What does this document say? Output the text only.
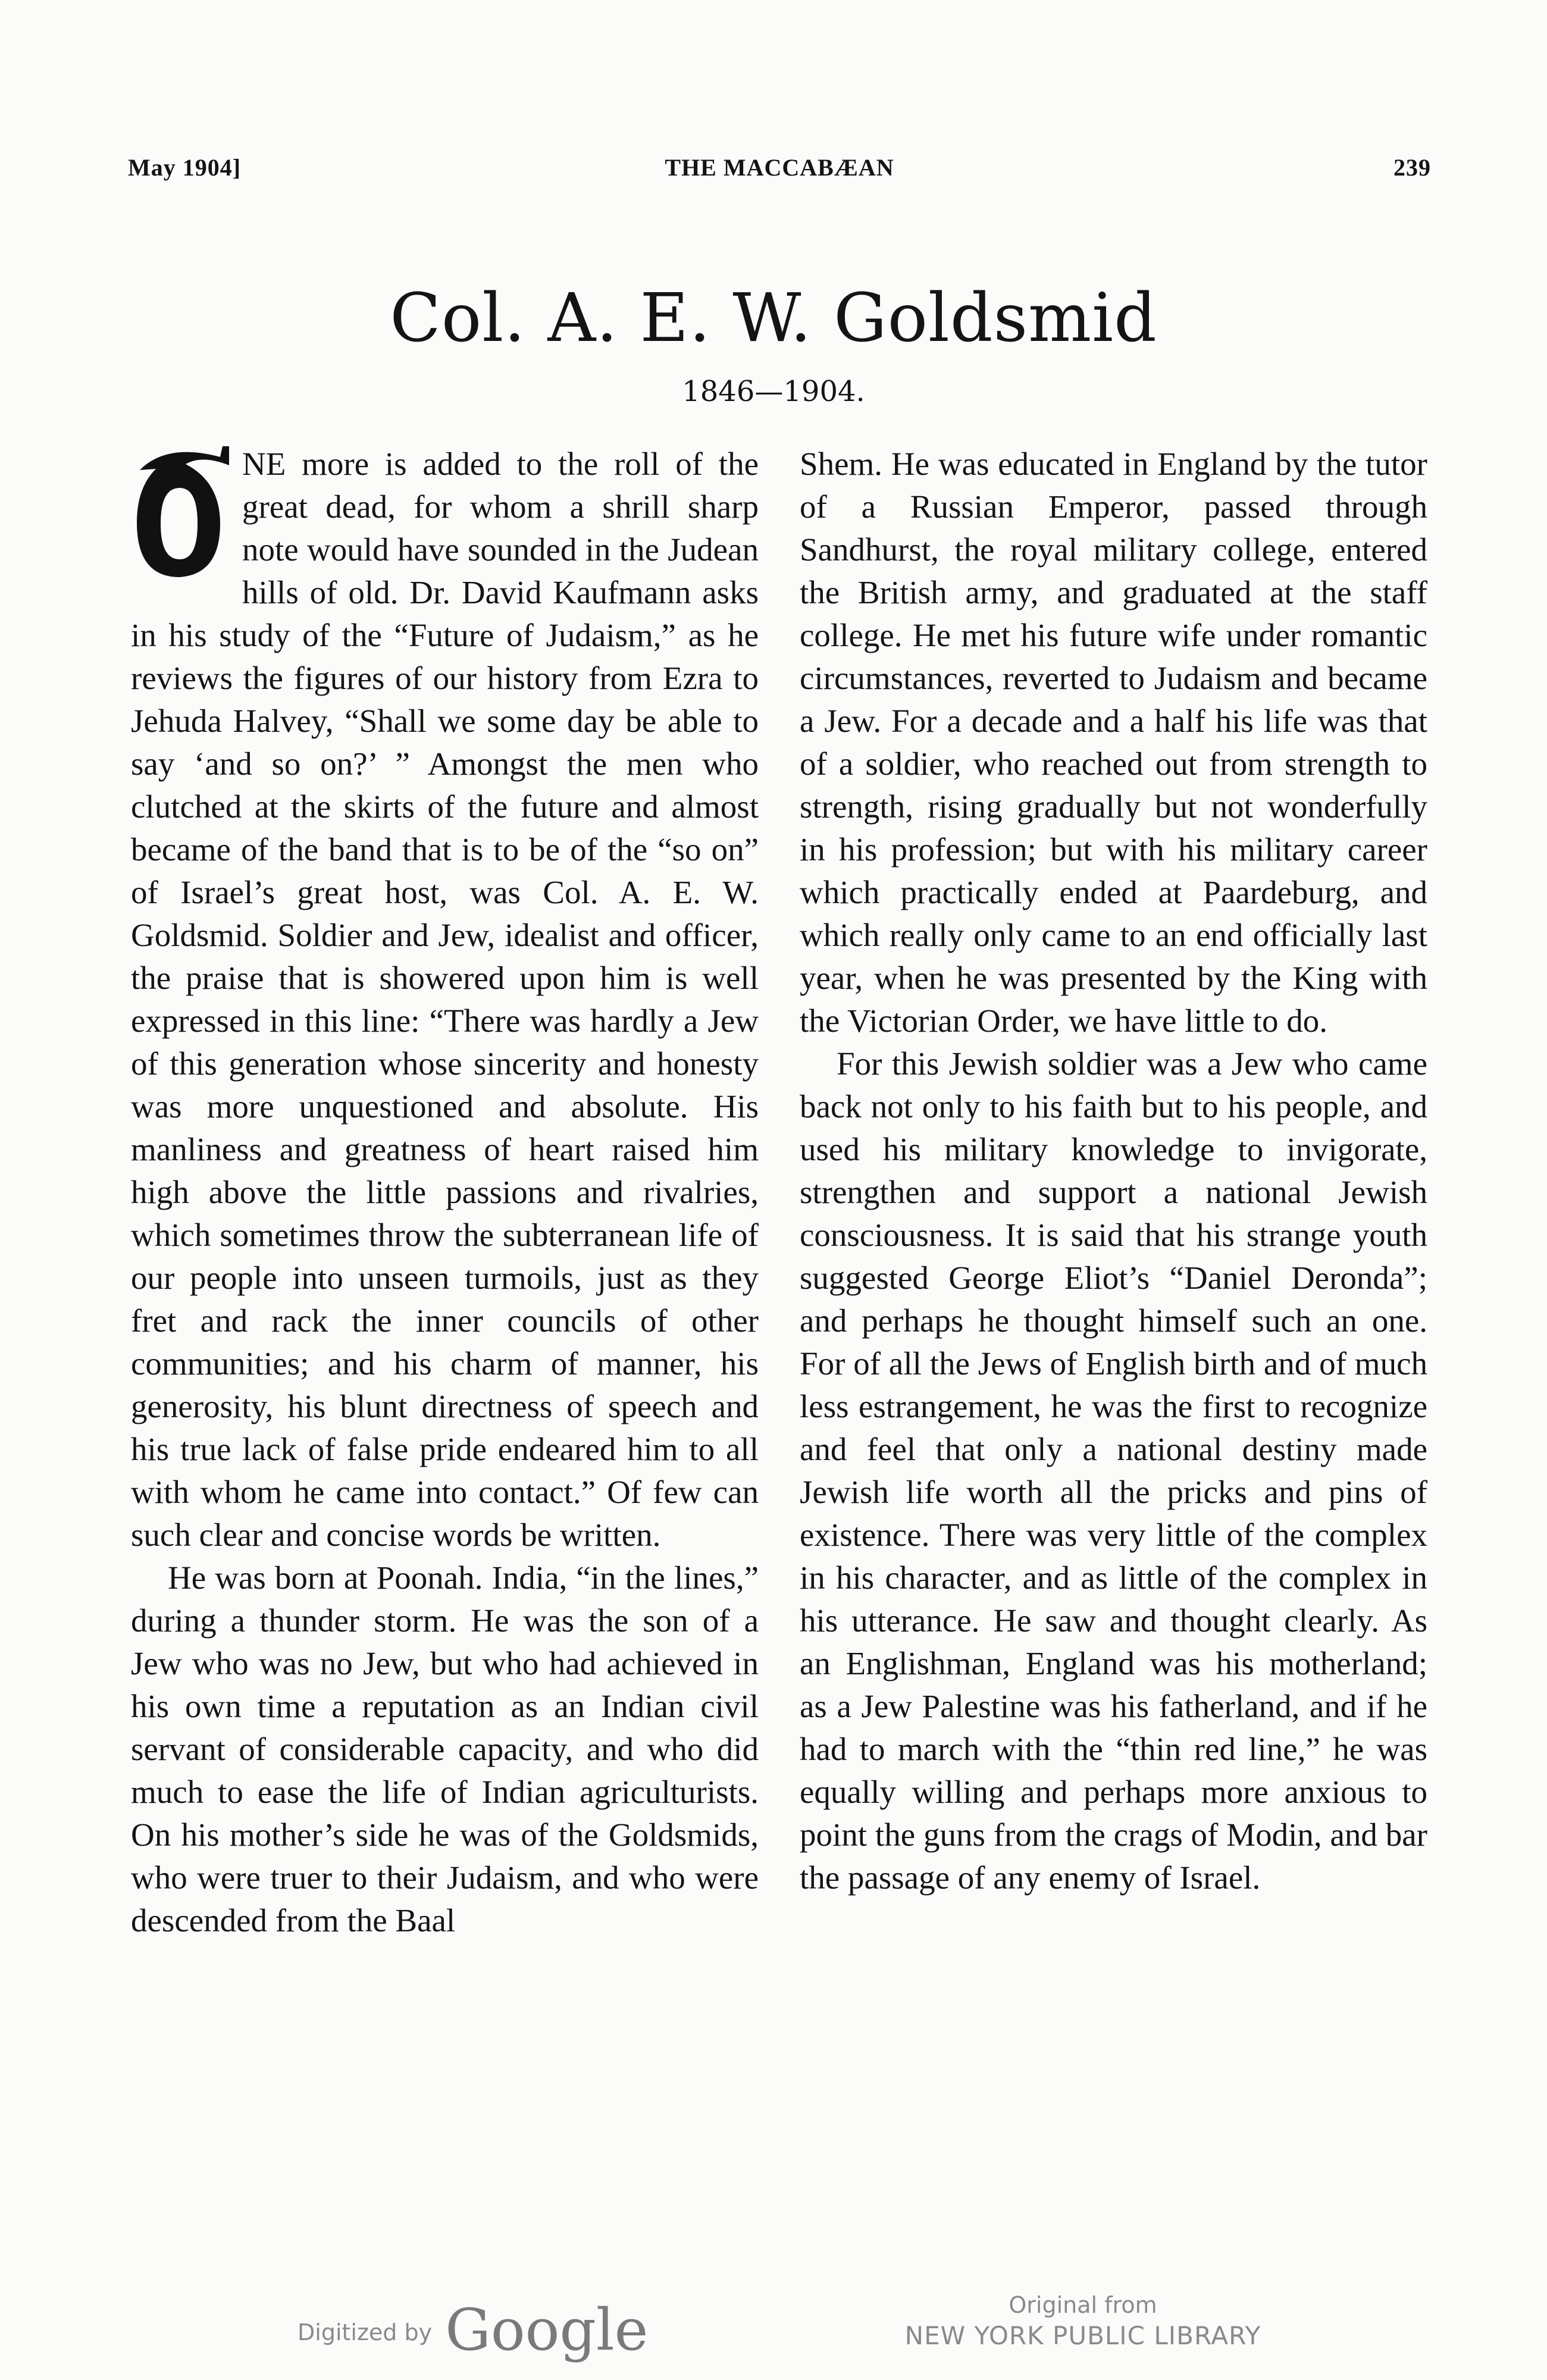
May 1904]	THE MACCABÆAN	239
Col. A. E. W. Goldsmid
1846—1904.

NE more is added to the roll of the great dead, for whom a shrill sharp note would have sounded in the Judean hills of old. Dr. David Kaufmann asks in his study of the “Future of Judaism,” as he reviews the figures of our history from Ezra to Jehuda Halvey, “Shall we some day be able to say ‘and so on?’ ” Amongst the men who clutched at the skirts of the future and almost became of the band that is to be of the “so on” of Israel’s great host, was Col. A. E. W. Goldsmid. Soldier and Jew, idealist and officer, the praise that is showered upon him is well expressed in this line: “There was hardly a Jew of this generation whose sincerity and honesty was more unquestioned and absolute. His manliness and greatness of heart raised him high above the little passions and rivalries, which sometimes throw the subterranean life of our people into unseen turmoils, just as they fret and rack the inner councils of other communities; and his charm of manner, his generosity, his blunt directness of speech and his true lack of false pride endeared him to all with whom he came into contact.” Of few can such clear and concise words be written.

He was born at Poonah. India, “in the lines,” during a thunder storm. He was the son of a Jew who was no Jew, but who had achieved in his own time a reputation as an Indian civil servant of considerable capacity, and who did much to ease the life of Indian agriculturists. On his mother’s side he was of the Goldsmids, who were truer to their Judaism, and who were descended from the Baal

Shem. He was educated in England by the tutor of a Russian Emperor, passed through Sandhurst, the royal military college, entered the British army, and graduated at the staff college. He met his future wife under romantic circumstances, reverted to Judaism and became a Jew. For a decade and a half his life was that of a soldier, who reached out from strength to strength, rising gradually but not wonderfully in his profession; but with his military career which practically ended at Paardeburg, and which really only came to an end officially last year, when he was presented by the King with the Victorian Order, we have little to do.

For this Jewish soldier was a Jew who came back not only to his faith but to his people, and used his military knowledge to invigorate, strengthen and support a national Jewish consciousness. It is said that his strange youth suggested George Eliot’s “Daniel Deronda”; and perhaps he thought himself such an one. For of all the Jews of English birth and of much less estrangement, he was the first to recognize and feel that only a national destiny made Jewish life worth all the pricks and pins of existence. There was very little of the complex in his character, and as little of the complex in his utterance. He saw and thought clearly. As an Englishman, England was his motherland; as a Jew Palestine was his fatherland, and if he had to march with the “thin red line,” he was equally willing and perhaps more anxious to point the guns from the crags of Modin, and bar the passage of any enemy of Israel.

Digitized by Google	Original from
NEW YORK PUBLIC LIBRARY
